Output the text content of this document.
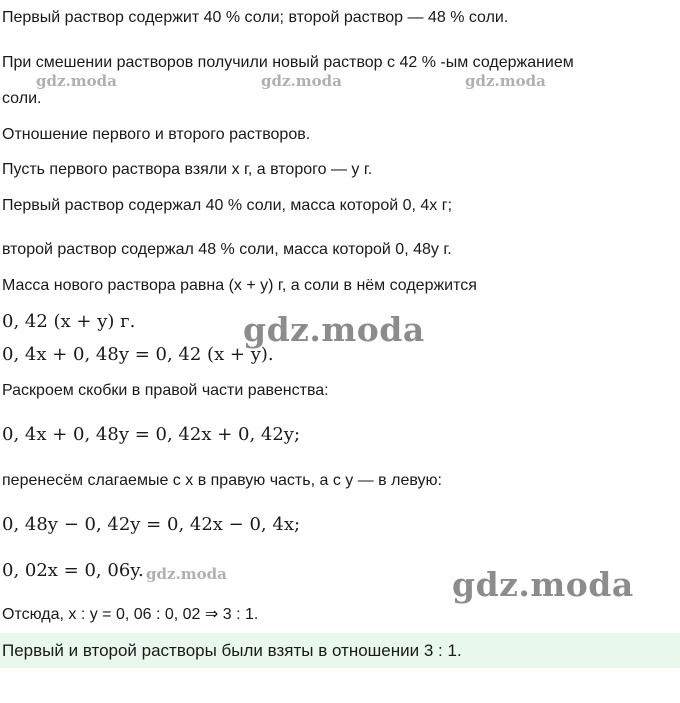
Первый раствор содержит 40 % соли; второй раствор — 48 % соли.
При смешении растворов получили новый раствор с 42 % -ым содержанием
соли.
Отношение первого и второго растворов.
Пусть первого раствора взяли x г, а второго — y г.
Первый раствор содержал 40 % соли, масса которой 0, 4x г;
второй раствор содержал 48 % соли, масса которой 0, 48y г.
Масса нового раствора равна (x + y) г, а соли в нём содержится
0, 42 (x + y) г.
0, 4x + 0, 48y = 0, 42 (x + y).
Раскроем скобки в правой части равенства:
0, 4x + 0, 48y = 0, 42x + 0, 42y;
перенесём слагаемые с x в правую часть, а с y — в левую:
0, 48y − 0, 42y = 0, 42x − 0, 4x;
0, 02x = 0, 06y.
Отсюда, x : y = 0, 06 : 0, 02 ⇒ 3 : 1.
Первый и второй растворы были взяты в отношении 3 : 1.
gdz.moda	gdz.moda	gdz.moda
gdz.moda
gdz.moda	gdz.moda
